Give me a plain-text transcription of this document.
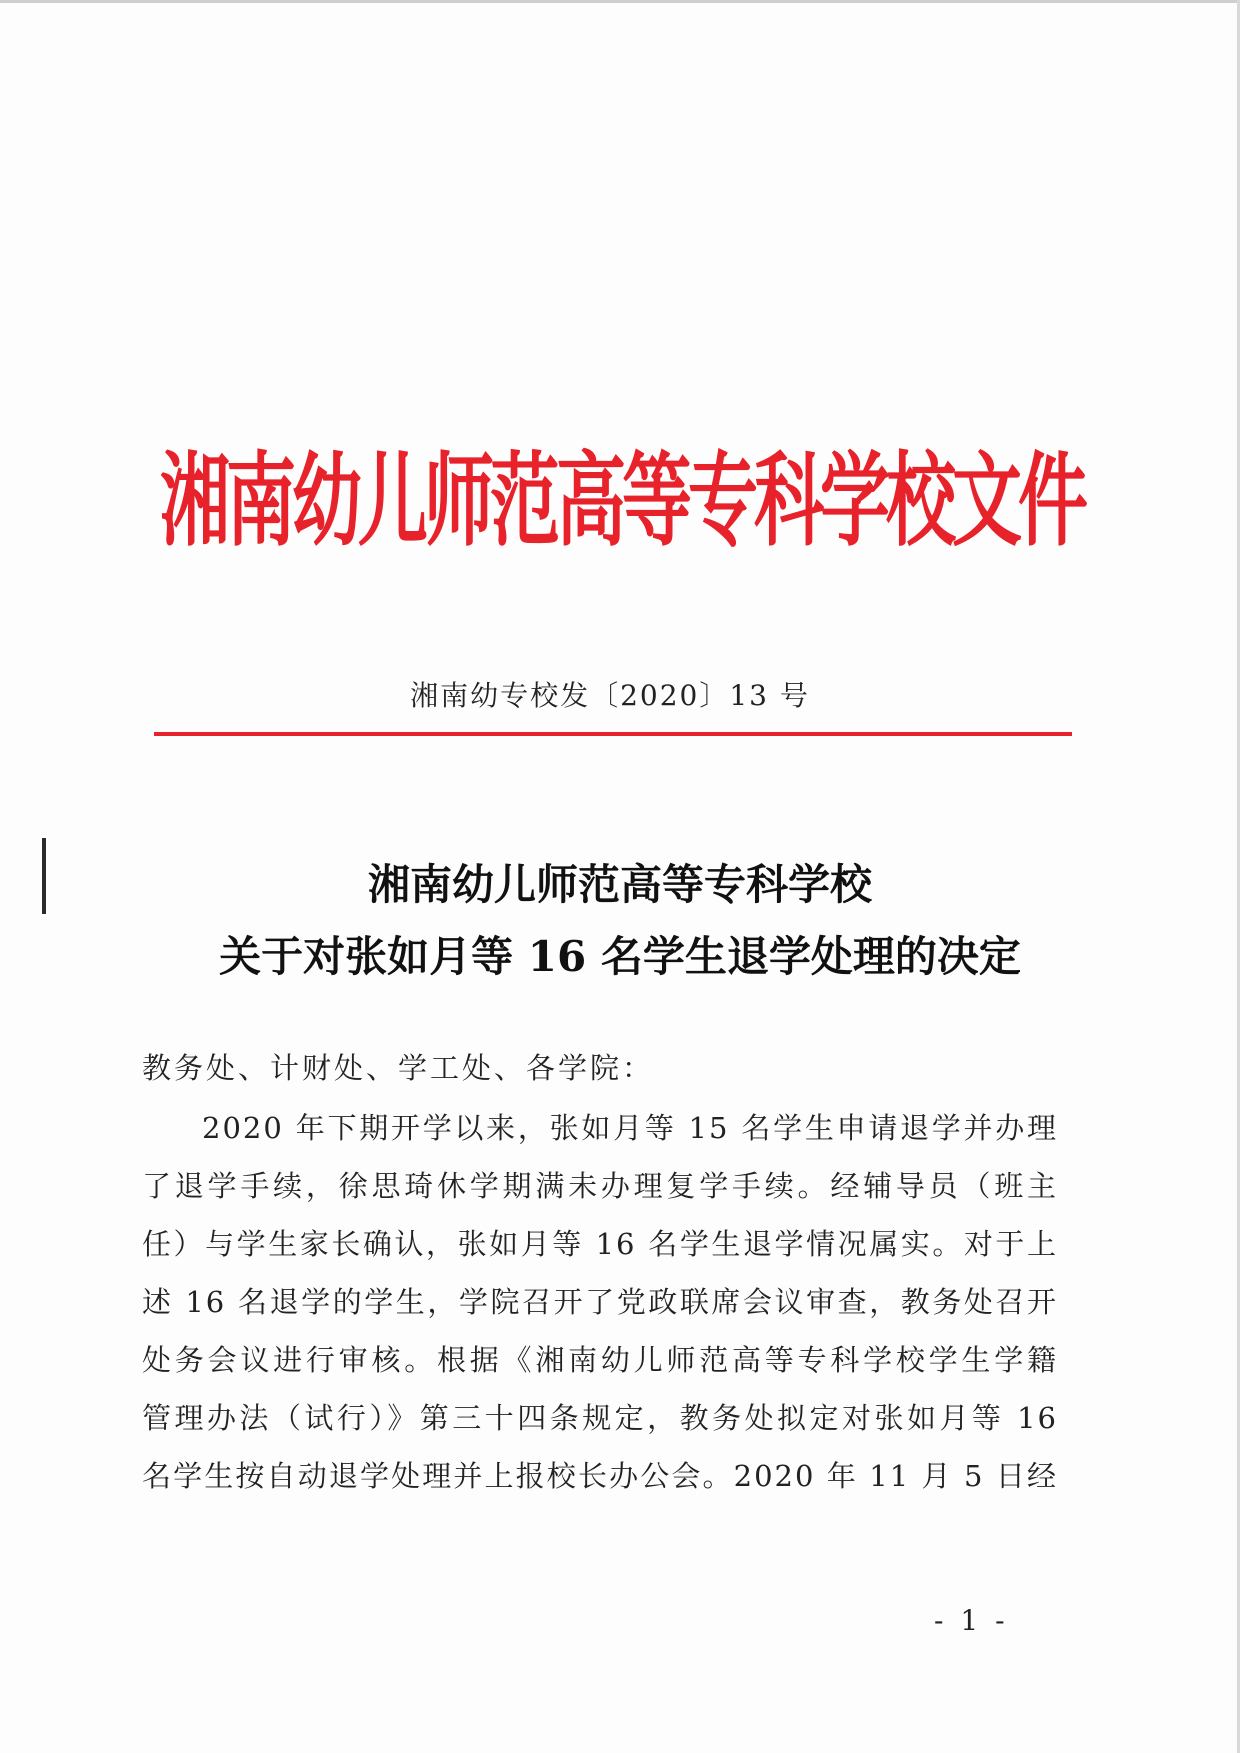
湘南幼儿师范高等专科学校文件
湘南幼专校发〔2020〕13 号
湘南幼儿师范高等专科学校
关于对张如月等 16 名学生退学处理的决定
教务处、计财处、学工处、各学院：
2020 年下期开学以来，张如月等 15 名学生申请退学并办理
了退学手续，徐思琦休学期满未办理复学手续。经辅导员（班主
任）与学生家长确认，张如月等 16 名学生退学情况属实。对于上
述 16 名退学的学生，学院召开了党政联席会议审查，教务处召开
处务会议进行审核。根据《湘南幼儿师范高等专科学校学生学籍
管理办法（试行）》第三十四条规定，教务处拟定对张如月等 16
名学生按自动退学处理并上报校长办公会。2020 年 11 月 5 日经
- 1 -
